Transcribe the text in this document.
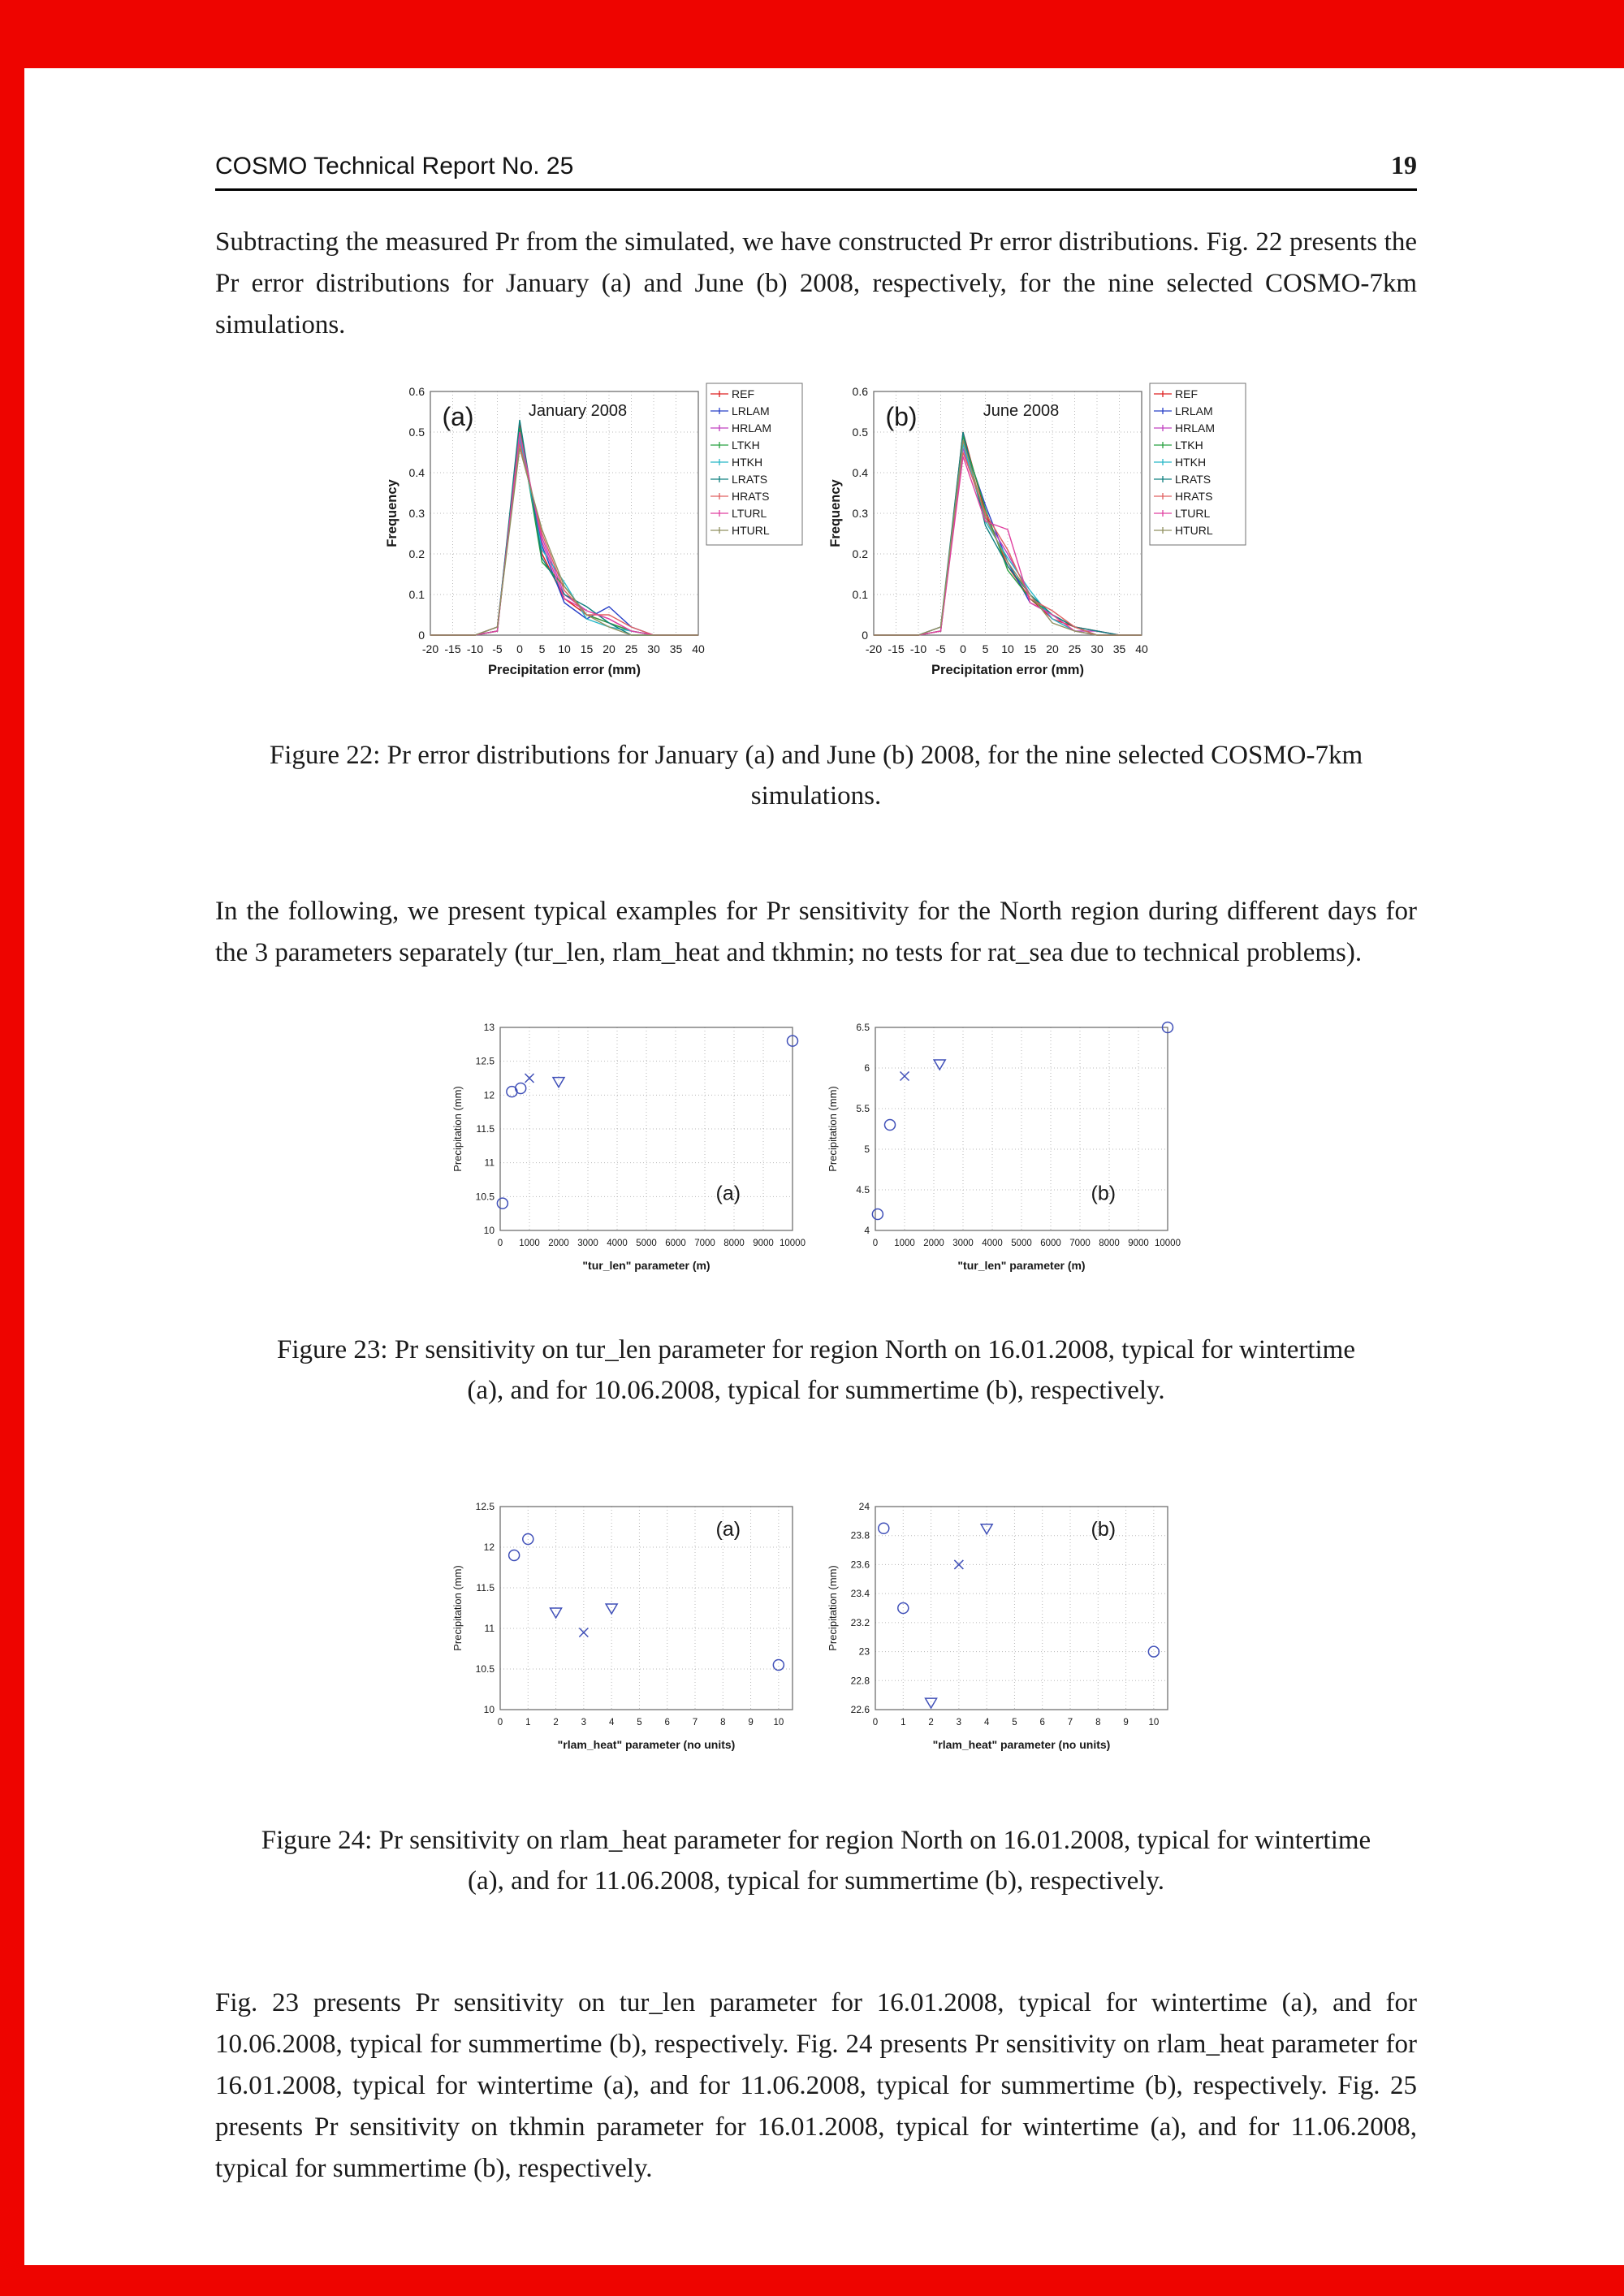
COSMO Technical Report No. 25	19

Subtracting the measured Pr from the simulated, we have constructed Pr error distributions. Fig. 22 presents the Pr error distributions for January (a) and June (b) 2008, respectively, for the nine selected COSMO-7km simulations.

-20 -15 -10 -5 0 5 10 15 20 25 30 35 40
0
0.1
0.2
0.3
0.4
0.5
0.6
Precipitation error (mm)
Frequency
January 2008
(a)
REF
LRLAM
HRLAM
LTKH
HTKH
LRATS
HRATS
LTURL
HTURL
-20 -15 -10 -5 0 5 10 15 20 25 30 35 40
0
0.1
0.2
0.3
0.4
0.5
0.6
Precipitation error (mm)
Frequency
June 2008
(b)
REF
LRLAM
HRLAM
LTKH
HTKH
LRATS
HRATS
LTURL
HTURL

Figure 22: Pr error distributions for January (a) and June (b) 2008, for the nine selected COSMO-7km simulations.

In the following, we present typical examples for Pr sensitivity for the North region during different days for the 3 parameters separately (tur_len, rlam_heat and tkhmin; no tests for rat_sea due to technical problems).

0 1000 2000 3000 4000 5000 6000 7000 8000 9000 10000
10
10.5
11
11.5
12
12.5
13
"tur_len" parameter (m)
Precipitation (mm)
(a)
0 1000 2000 3000 4000 5000 6000 7000 8000 9000 10000
4
4.5
5
5.5
6
6.5
"tur_len" parameter (m)
Precipitation (mm)
(b)

Figure 23: Pr sensitivity on tur_len parameter for region North on 16.01.2008, typical for wintertime (a), and for 10.06.2008, typical for summertime (b), respectively.

0 1 2 3 4 5 6 7 8 9 10
10
10.5
11
11.5
12
12.5
"rlam_heat" parameter (no units)
Precipitation (mm)
(a)
0 1 2 3 4 5 6 7 8 9 10
22.6
22.8
23
23.2
23.4
23.6
23.8
24
"rlam_heat" parameter (no units)
Precipitation (mm)
(b)

Figure 24: Pr sensitivity on rlam_heat parameter for region North on 16.01.2008, typical for wintertime (a), and for 11.06.2008, typical for summertime (b), respectively.

Fig. 23 presents Pr sensitivity on tur_len parameter for 16.01.2008, typical for wintertime (a), and for 10.06.2008, typical for summertime (b), respectively. Fig. 24 presents Pr sensitivity on rlam_heat parameter for 16.01.2008, typical for wintertime (a), and for 11.06.2008, typical for summertime (b), respectively. Fig. 25 presents Pr sensitivity on tkhmin parameter for 16.01.2008, typical for wintertime (a), and for 11.06.2008, typical for summertime (b), respectively.
